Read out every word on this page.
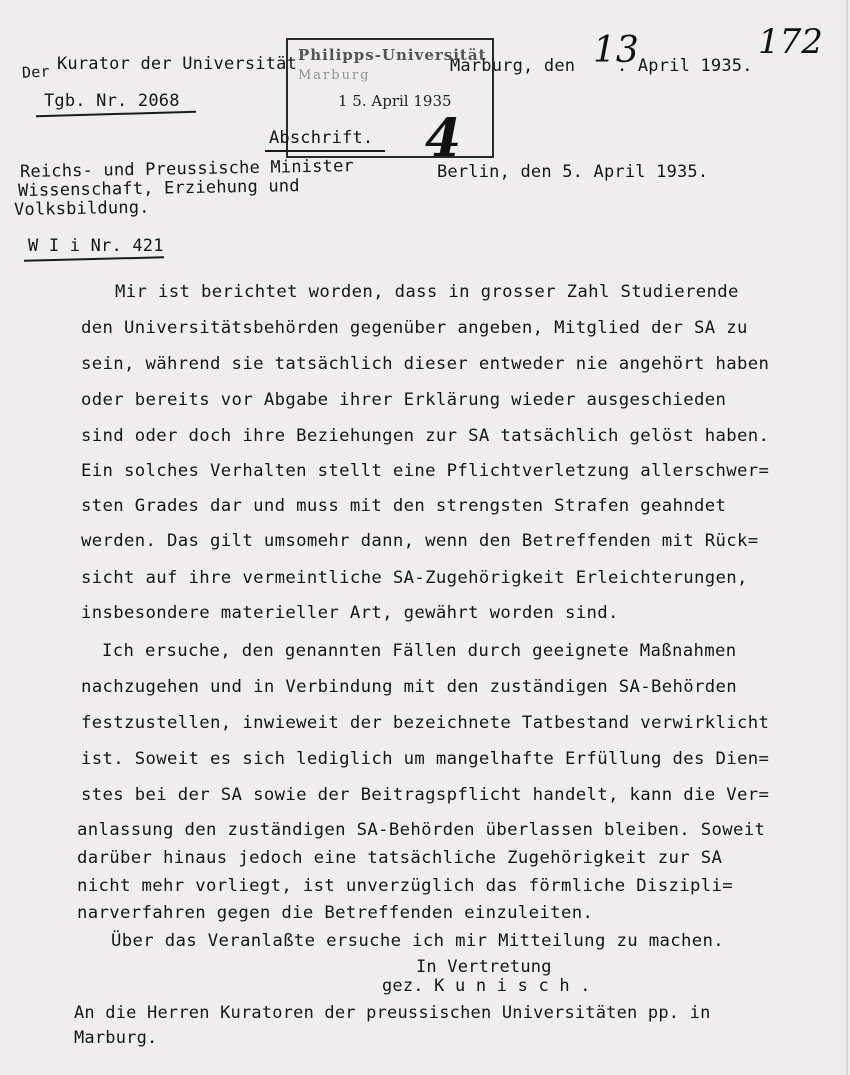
Der Kurator der Universität	Marburg, den 13
. April 1935.
172
Tgb. Nr. 2068
Philipps-Universität
Marburg
1 5. April 1935
4
Abschrift.
Reichs- und Preussische Minister
Wissenschaft, Erziehung und
Volksbildung.
Berlin, den 5. April 1935.
W I i Nr. 421
Mir ist berichtet worden, dass in grosser Zahl Studierende
den Universitätsbehörden gegenüber angeben, Mitglied der SA zu
sein, während sie tatsächlich dieser entweder nie angehört haben
oder bereits vor Abgabe ihrer Erklärung wieder ausgeschieden
sind oder doch ihre Beziehungen zur SA tatsächlich gelöst haben.
Ein solches Verhalten stellt eine Pflichtverletzung allerschwer=
sten Grades dar und muss mit den strengsten Strafen geahndet
werden. Das gilt umsomehr dann, wenn den Betreffenden mit Rück=
sicht auf ihre vermeintliche SA-Zugehörigkeit Erleichterungen,
insbesondere materieller Art, gewährt worden sind.
Ich ersuche, den genannten Fällen durch geeignete Maßnahmen
nachzugehen und in Verbindung mit den zuständigen SA-Behörden
festzustellen, inwieweit der bezeichnete Tatbestand verwirklicht
ist. Soweit es sich lediglich um mangelhafte Erfüllung des Dien=
stes bei der SA sowie der Beitragspflicht handelt, kann die Ver=
anlassung den zuständigen SA-Behörden überlassen bleiben. Soweit
darüber hinaus jedoch eine tatsächliche Zugehörigkeit zur SA
nicht mehr vorliegt, ist unverzüglich das förmliche Diszipli=
narverfahren gegen die Betreffenden einzuleiten.
Über das Veranlaßte ersuche ich mir Mitteilung zu machen.
In Vertretung
gez. K u n i s c h .
An die Herren Kuratoren der preussischen Universitäten pp. in
Marburg.
